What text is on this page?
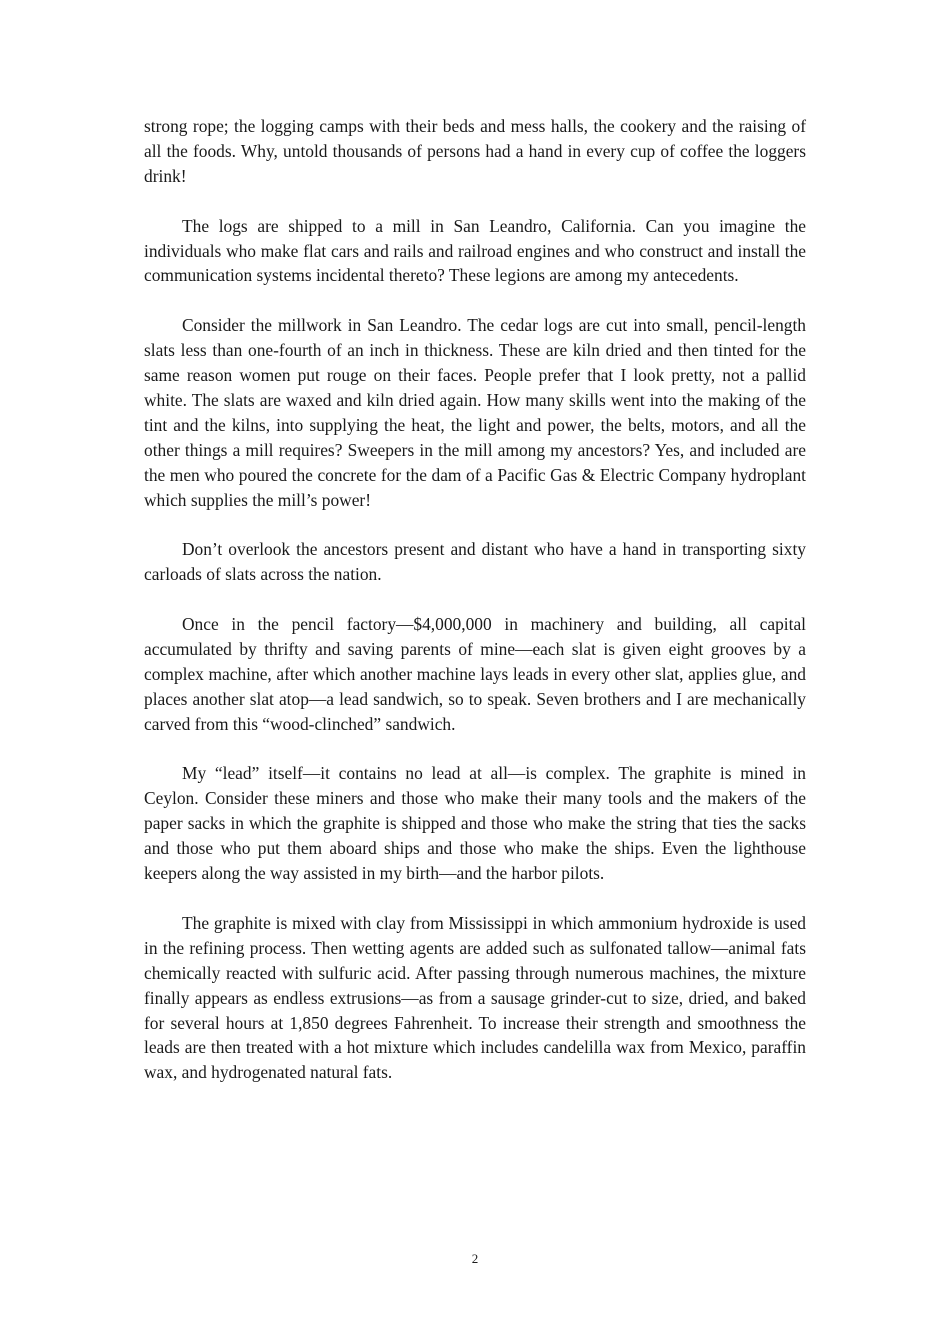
strong rope; the logging camps with their beds and mess halls, the cookery and the raising of all the foods. Why, untold thousands of persons had a hand in every cup of coffee the loggers drink!

The logs are shipped to a mill in San Leandro, California. Can you imagine the individuals who make flat cars and rails and railroad engines and who construct and install the communication systems incidental thereto? These legions are among my antecedents.

Consider the millwork in San Leandro. The cedar logs are cut into small, pencil-length slats less than one-fourth of an inch in thickness. These are kiln dried and then tinted for the same reason women put rouge on their faces. People prefer that I look pretty, not a pallid white. The slats are waxed and kiln dried again. How many skills went into the making of the tint and the kilns, into supplying the heat, the light and power, the belts, motors, and all the other things a mill requires? Sweepers in the mill among my ancestors? Yes, and included are the men who poured the concrete for the dam of a Pacific Gas & Electric Company hydroplant which supplies the mill’s power!

Don’t overlook the ancestors present and distant who have a hand in transporting sixty carloads of slats across the nation.

Once in the pencil factory—$4,000,000 in machinery and building, all capital accumulated by thrifty and saving parents of mine—each slat is given eight grooves by a complex machine, after which another machine lays leads in every other slat, applies glue, and places another slat atop—a lead sandwich, so to speak. Seven brothers and I are mechanically carved from this “wood-clinched” sandwich.

My “lead” itself—it contains no lead at all—is complex. The graphite is mined in Ceylon. Consider these miners and those who make their many tools and the makers of the paper sacks in which the graphite is shipped and those who make the string that ties the sacks and those who put them aboard ships and those who make the ships. Even the lighthouse keepers along the way assisted in my birth—and the harbor pilots.

The graphite is mixed with clay from Mississippi in which ammonium hydroxide is used in the refining process. Then wetting agents are added such as sulfonated tallow—animal fats chemically reacted with sulfuric acid. After passing through numerous machines, the mixture finally appears as endless extrusions—as from a sausage grinder-cut to size, dried, and baked for several hours at 1,850 degrees Fahrenheit. To increase their strength and smoothness the leads are then treated with a hot mixture which includes candelilla wax from Mexico, paraffin wax, and hydrogenated natural fats.

2
